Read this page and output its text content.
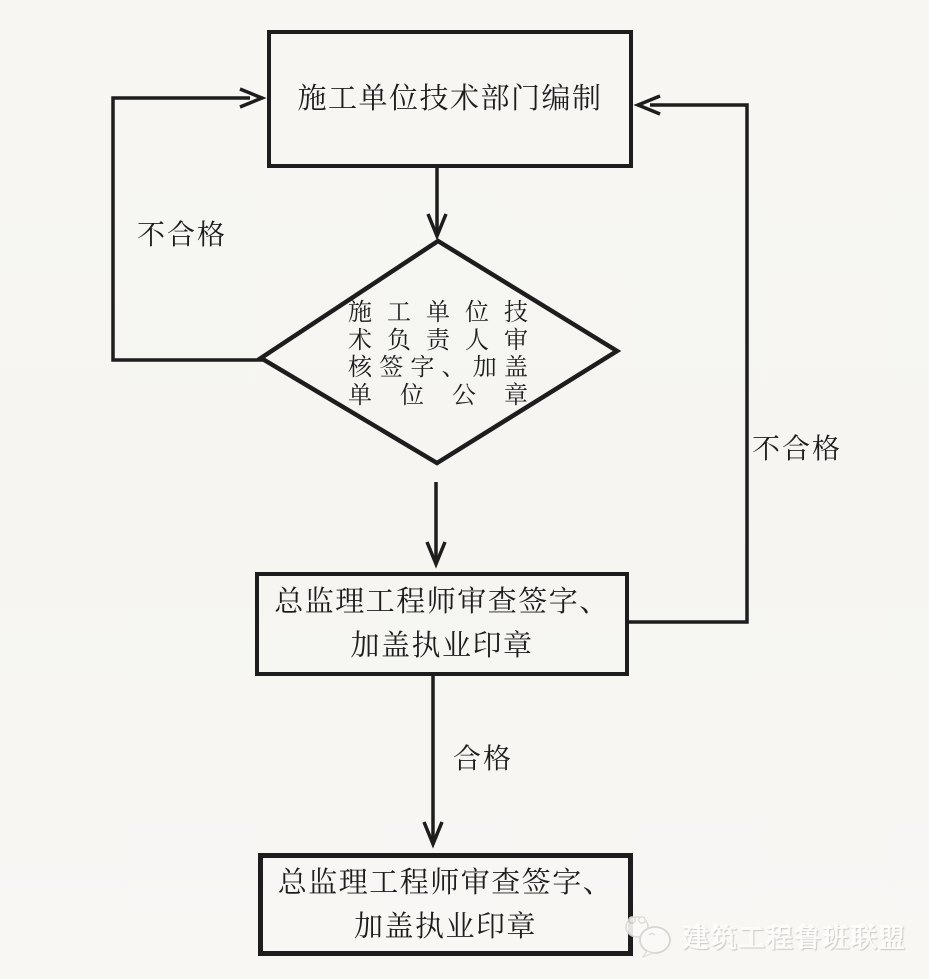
施工单位技术部门编制
施工单位技
术负责人审
核签字、加盖
单位公章
总监理工程师审查签字、
加盖执业印章
总监理工程师审查签字、
加盖执业印章
不合格
不合格
合格
建筑工程鲁班联盟
